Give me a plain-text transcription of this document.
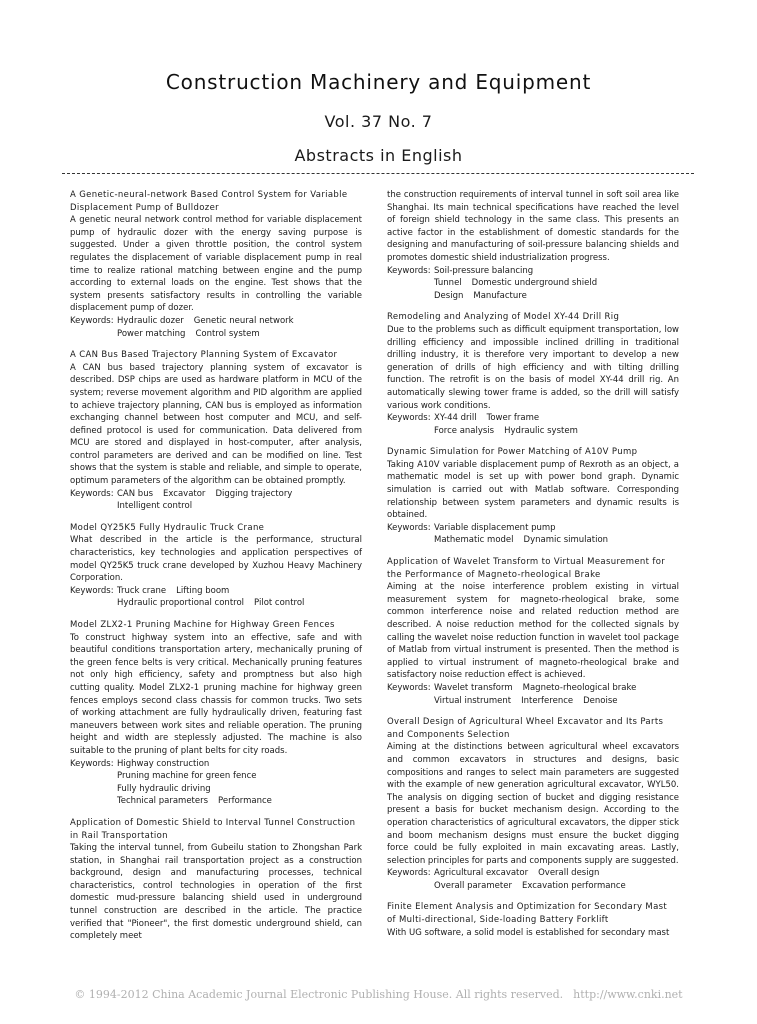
Construction Machinery and Equipment
Vol. 37 No. 7
Abstracts in English
A Genetic-neural-network Based Control System for Variable Displacement Pump of Bulldozer
A genetic neural network control method for variable displacement pump of hydraulic dozer with the energy saving purpose is suggested. Under a given throttle position, the control system regulates the displacement of variable displacement pump in real time to realize rational matching between engine and the pump according to external loads on the engine. Test shows that the system presents satisfactory results in controlling the variable displacement pump of dozer.
Keywords: Hydraulic dozer Genetic neural network
Power matching Control system
A CAN Bus Based Trajectory Planning System of Excavator
A CAN bus based trajectory planning system of excavator is described. DSP chips are used as hardware platform in MCU of the system; reverse movement algorithm and PID algorithm are applied to achieve trajectory planning, CAN bus is employed as information exchanging channel between host computer and MCU, and self-defined protocol is used for communication. Data delivered from MCU are stored and displayed in host-computer, after analysis, control parameters are derived and can be modified on line. Test shows that the system is stable and reliable, and simple to operate, optimum parameters of the algorithm can be obtained promptly.
Keywords: CAN bus Excavator Digging trajectory
Intelligent control
Model QY25K5 Fully Hydraulic Truck Crane
What described in the article is the performance, structural characteristics, key technologies and application perspectives of model QY25K5 truck crane developed by Xuzhou Heavy Machinery Corporation.
Keywords: Truck crane Lifting boom
Hydraulic proportional control Pilot control
Model ZLX2-1 Pruning Machine for Highway Green Fences
To construct highway system into an effective, safe and with beautiful conditions transportation artery, mechanically pruning of the green fence belts is very critical. Mechanically pruning features not only high efficiency, safety and promptness but also high cutting quality. Model ZLX2-1 pruning machine for highway green fences employs second class chassis for common trucks. Two sets of working attachment are fully hydraulically driven, featuring fast maneuvers between work sites and reliable operation. The pruning height and width are steplessly adjusted. The machine is also suitable to the pruning of plant belts for city roads.
Keywords: Highway construction
Pruning machine for green fence
Fully hydraulic driving
Technical parameters Performance
Application of Domestic Shield to Interval Tunnel Construction in Rail Transportation
Taking the interval tunnel, from Gubeilu station to Zhongshan Park station, in Shanghai rail transportation project as a construction background, design and manufacturing processes, technical characteristics, control technologies in operation of the first domestic mud-pressure balancing shield used in underground tunnel construction are described in the article. The practice verified that "Pioneer", the first domestic underground shield, can completely meet
the construction requirements of interval tunnel in soft soil area like Shanghai. Its main technical specifications have reached the level of foreign shield technology in the same class. This presents an active factor in the establishment of domestic standards for the designing and manufacturing of soil-pressure balancing shields and promotes domestic shield industrialization progress.
Keywords: Soil-pressure balancing
Tunnel Domestic underground shield
Design Manufacture
Remodeling and Analyzing of Model XY-44 Drill Rig
Due to the problems such as difficult equipment transportation, low drilling efficiency and impossible inclined drilling in traditional drilling industry, it is therefore very important to develop a new generation of drills of high efficiency and with tilting drilling function. The retrofit is on the basis of model XY-44 drill rig. An automatically slewing tower frame is added, so the drill will satisfy various work conditions.
Keywords: XY-44 drill Tower frame
Force analysis Hydraulic system
Dynamic Simulation for Power Matching of A10V Pump
Taking A10V variable displacement pump of Rexroth as an object, a mathematic model is set up with power bond graph. Dynamic simulation is carried out with Matlab software. Corresponding relationship between system parameters and dynamic results is obtained.
Keywords: Variable displacement pump
Mathematic model Dynamic simulation
Application of Wavelet Transform to Virtual Measurement for the Performance of Magneto-rheological Brake
Aiming at the noise interference problem existing in virtual measurement system for magneto-rheological brake, some common interference noise and related reduction method are described. A noise reduction method for the collected signals by calling the wavelet noise reduction function in wavelet tool package of Matlab from virtual instrument is presented. Then the method is applied to virtual instrument of magneto-rheological brake and satisfactory noise reduction effect is achieved.
Keywords: Wavelet transform Magneto-rheological brake
Virtual instrument Interference Denoise
Overall Design of Agricultural Wheel Excavator and Its Parts and Components Selection
Aiming at the distinctions between agricultural wheel excavators and common excavators in structures and designs, basic compositions and ranges to select main parameters are suggested with the example of new generation agricultural excavator, WYL50. The analysis on digging section of bucket and digging resistance present a basis for bucket mechanism design. According to the operation characteristics of agricultural excavators, the dipper stick and boom mechanism designs must ensure the bucket digging force could be fully exploited in main excavating areas. Lastly, selection principles for parts and components supply are suggested.
Keywords: Agricultural excavator Overall design
Overall parameter Excavation performance
Finite Element Analysis and Optimization for Secondary Mast of Multi-directional, Side-loading Battery Forklift
With UG software, a solid model is established for secondary mast
© 1994-2012 China Academic Journal Electronic Publishing House. All rights reserved. http://www.cnki.net
